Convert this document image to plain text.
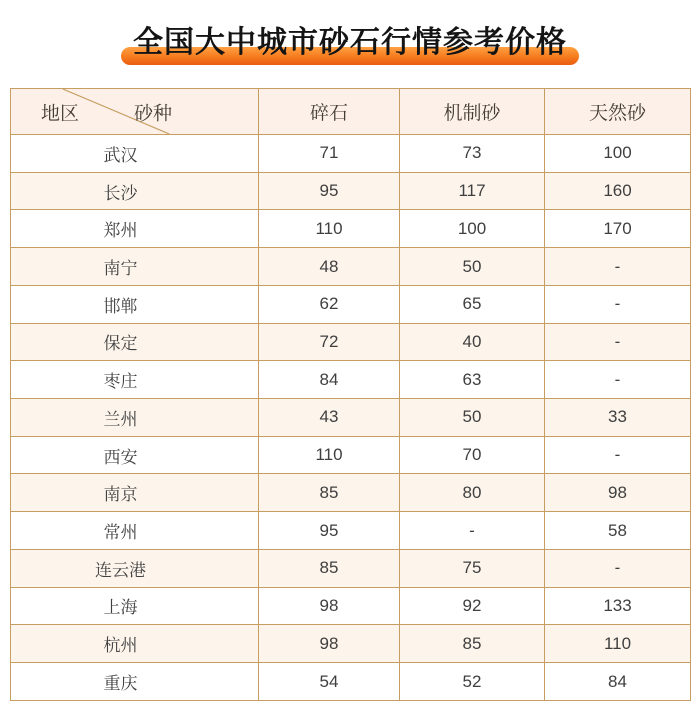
全国大中城市砂石行情参考价格
地区 砂种	碎石	机制砂	天然砂
武汉	71	73	100
长沙	95	117	160
郑州	110	100	170
南宁	48	50	-
邯郸	62	65	-
保定	72	40	-
枣庄	84	63	-
兰州	43	50	33
西安	110	70	-
南京	85	80	98
常州	95	-	58
连云港	85	75	-
上海	98	92	133
杭州	98	85	110
重庆	54	52	84
